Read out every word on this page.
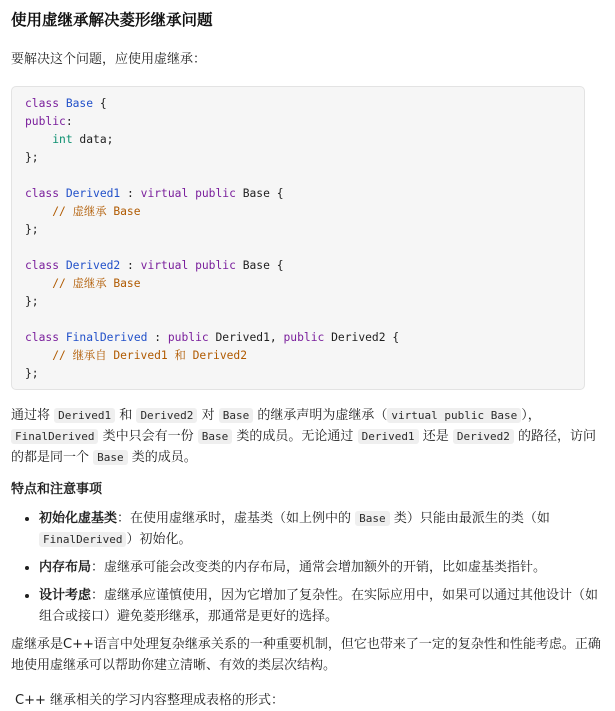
使用虚继承解决菱形继承问题

要解决这个问题，应使用虚继承：

class Base {
public:
int data;
};

class Derived1 : virtual public Base {
// 虚继承 Base
};

class Derived2 : virtual public Base {
// 虚继承 Base
};

class FinalDerived : public Derived1, public Derived2 {
// 继承自 Derived1 和 Derived2
};

通过将 Derived1 和 Derived2 对 Base 的继承声明为虚继承（ virtual public Base ）， FinalDerived 类中只会有一份 Base 类的成员。无论通过 Derived1 还是 Derived2 的路径，访问的都是同一个 Base 类的成员。

特点和注意事项
• 初始化虚基类：在使用虚继承时，虚基类（如上例中的 Base 类）只能由最派生的类（如 FinalDerived ）初始化。
• 内存布局：虚继承可能会改变类的内存布局，通常会增加额外的开销，比如虚基类指针。
• 设计考虑：虚继承应谨慎使用，因为它增加了复杂性。在实际应用中，如果可以通过其他设计（如组合或接口）避免菱形继承，那通常是更好的选择。

虚继承是C++语言中处理复杂继承关系的一种重要机制，但它也带来了一定的复杂性和性能考虑。正确地使用虚继承可以帮助你建立清晰、有效的类层次结构。

C++ 继承相关的学习内容整理成表格的形式：
